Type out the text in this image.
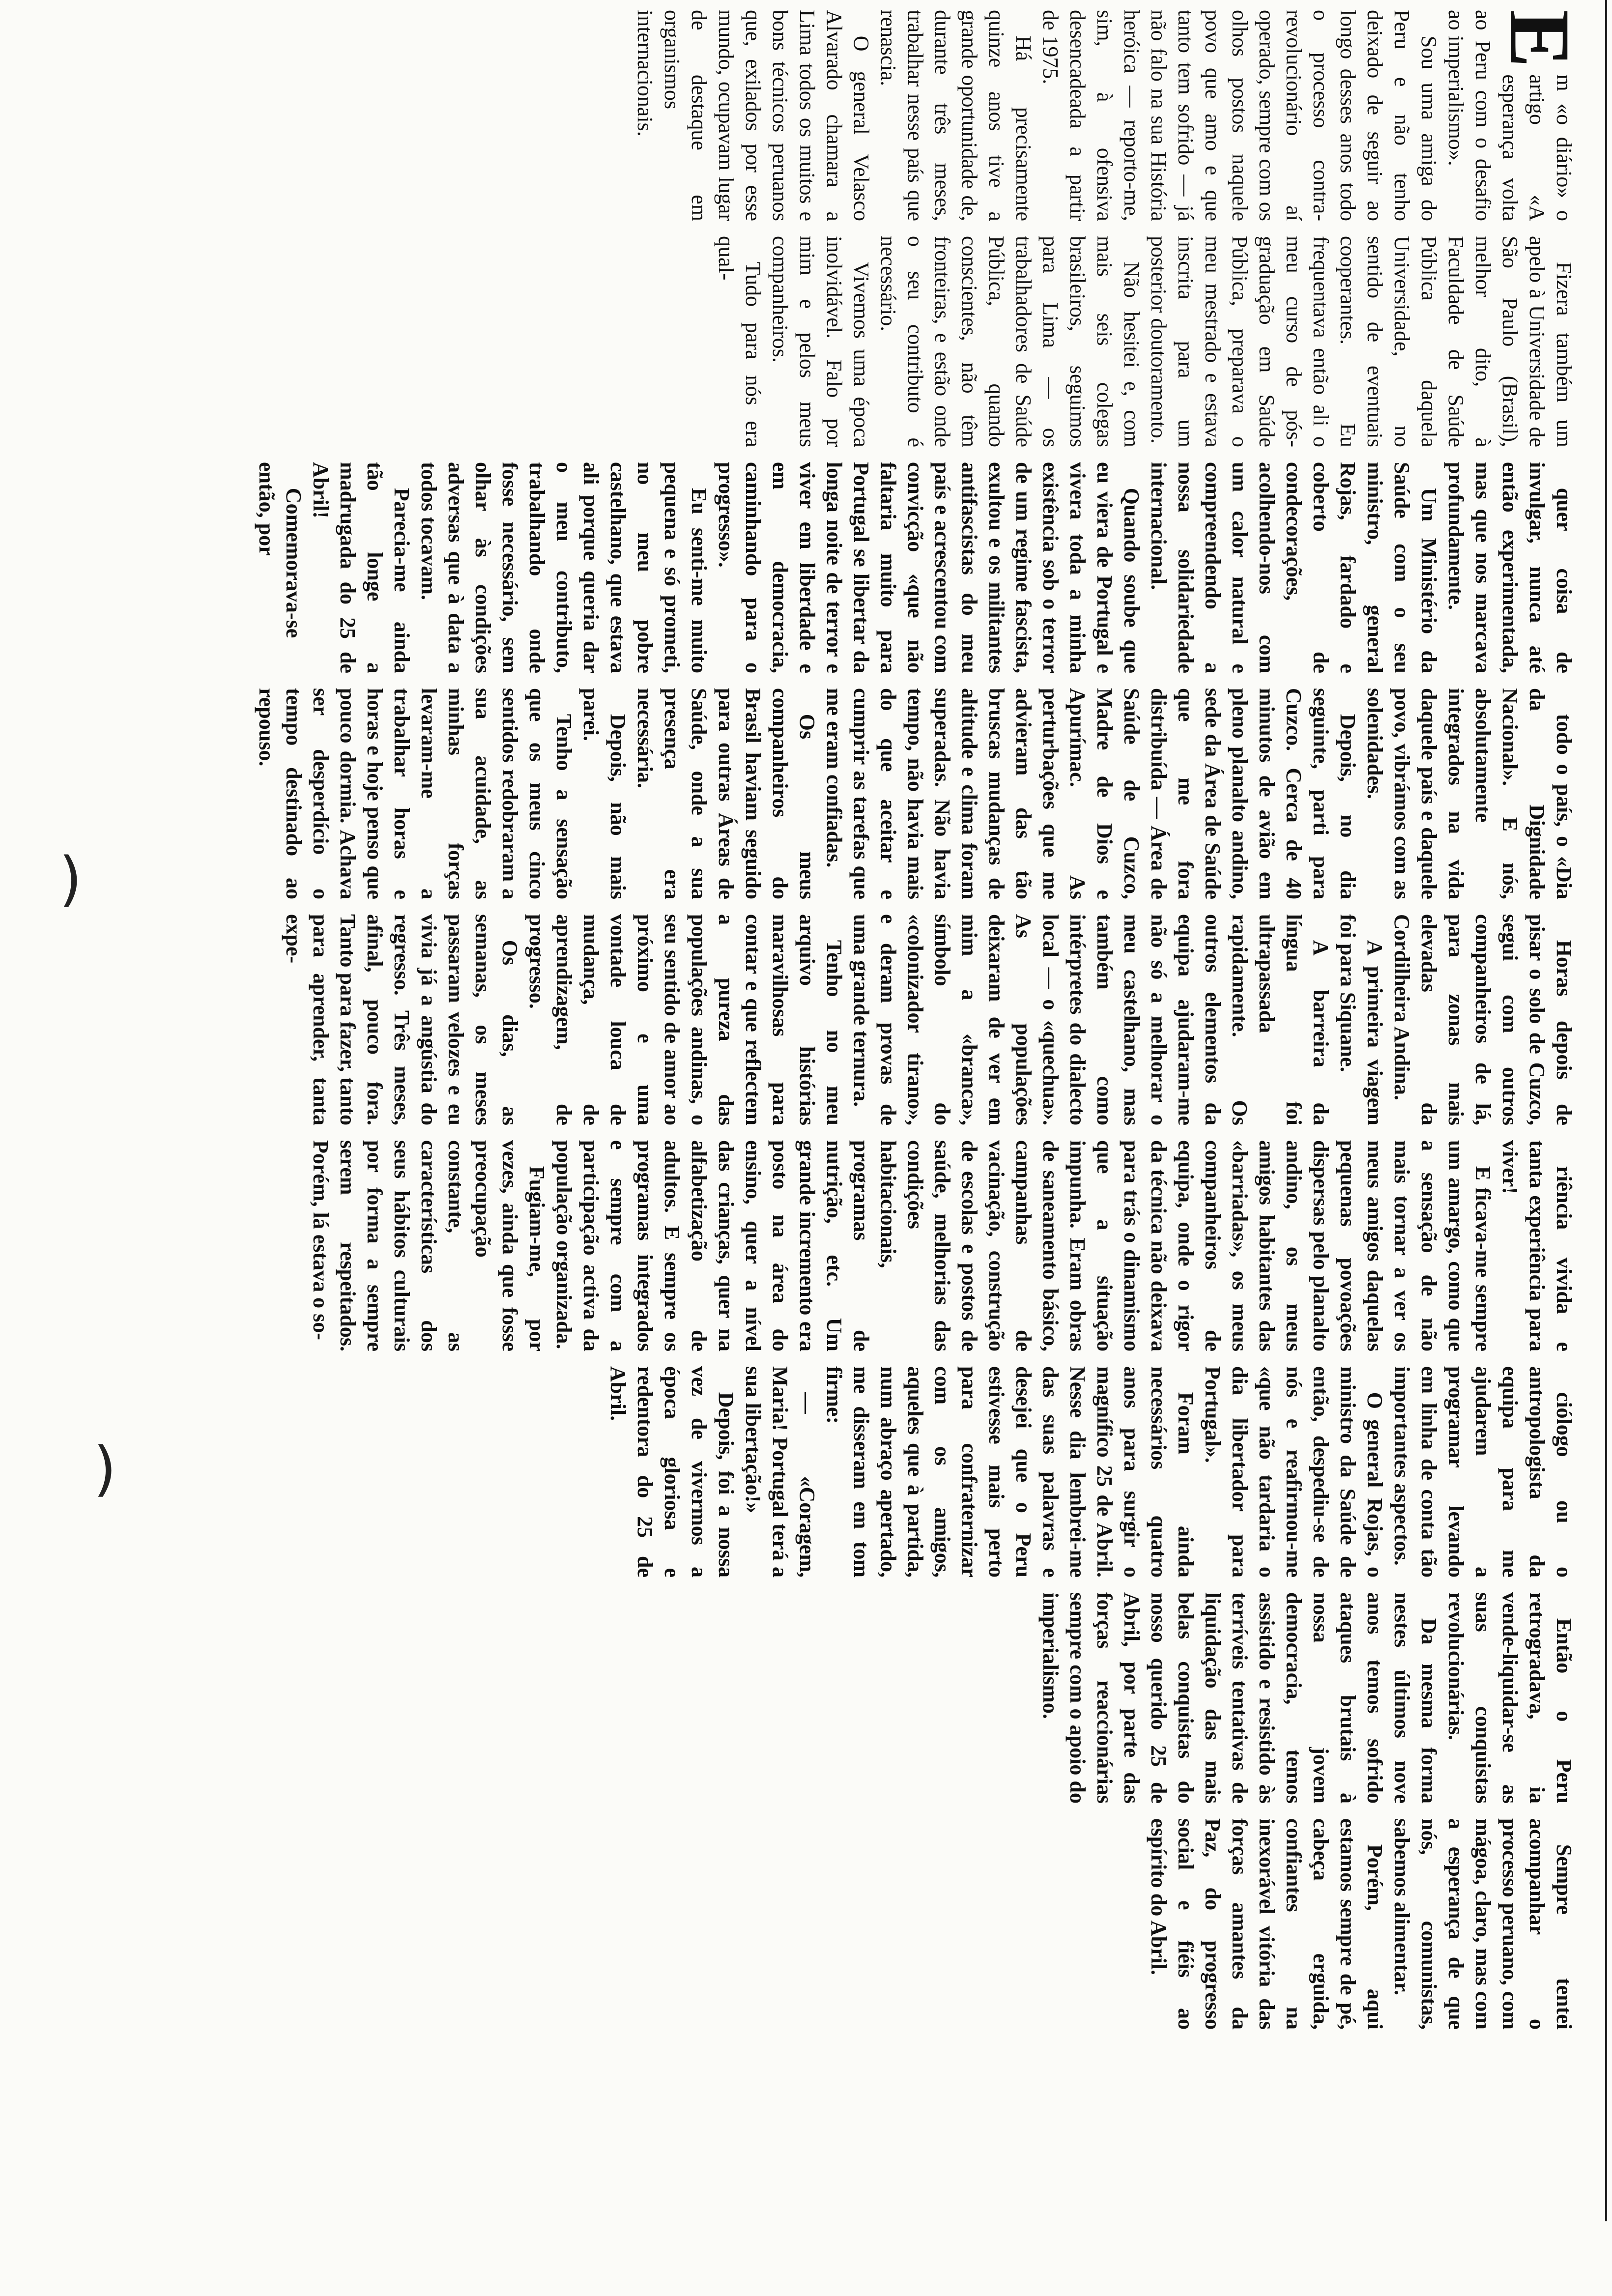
E

m «o diário» o artigo «A esperança volta ao Peru com o desafio ao imperialismo».

Sou uma amiga do Peru e não tenho deixado de seguir ao longo desses anos todo o processo contra-revolucionário aí operado, sempre com os olhos postos naquele povo que amo e que tanto tem sofrido — já não falo na sua História heróica — reporto-me, sim, à ofensiva desencadeada a partir de 1975.

Há precisamente quinze anos tive a grande oportunidade de, durante três meses, trabalhar nesse país que renascia.

O general Velasco Alvarado chamara a Lima todos os muitos e bons técnicos peruanos que, exilados por esse mundo, ocupavam lugar de destaque em organismos internacionais.

Fizera também um apelo à Universidade de São Paulo (Brasil), melhor dito, à Faculdade de Saúde Pública daquela Universidade, no sentido de eventuais cooperantes. Eu frequentava então ali o meu curso de pós-graduação em Saúde Pública, preparava o meu mestrado e estava inscrita para um posterior doutoramento.

Não hesitei e, com mais seis colegas brasileiros, seguimos para Lima — os trabalhadores de Saúde Pública, quando conscientes, não têm fronteiras, e estão onde o seu contributo é necessário.

Vivemos uma época inolvidável. Falo por mim e pelos meus companheiros.

Tudo para nós era qual-

quer coisa de invulgar, nunca até então experimentada, mas que nos marcava profundamente.

Um Ministério da Saúde com o seu ministro, general Rojas, fardado e coberto de condecorações, acolhendo-nos com um calor natural e compreendendo a nossa solidariedade internacional.

Quando soube que eu viera de Portugal e vivera toda a minha existência sob o terror de um regime fascista, exultou e os militantes antifascistas do meu país e acrescentou com convicção «que não faltaria muito para Portugal se libertar da longa noite de terror e viver em liberdade e em democracia, caminhando para o progresso».

Eu senti-me muito pequena e só prometi, no meu pobre castelhano, que estava ali porque queria dar o meu contributo, trabalhando onde fosse necessário, sem olhar às condições adversas que à data a todos tocavam.

Parecia-me ainda tão longe a madrugada do 25 de Abril!

Comemorava-se então, por

todo o país, o «Dia da Dignidade Nacional». E nós, absolutamente integrados na vida daquele país e daquele povo, vibrámos com as solenidades.

Depois, no dia seguinte, parti para Cuzco. Cerca de 40 minutos de avião em pleno planalto andino, sede da Área de Saúde que me fora distribuída — Área de Saúde de Cuzco, Madre de Dios e Apurímac. As perturbações que me advieram das tão bruscas mudanças de altitude e clima foram superadas. Não havia tempo, não havia mais do que aceitar e cumprir as tarefas que me eram confiadas.

Os meus companheiros do Brasil haviam seguido para outras Áreas de Saúde, onde a sua presença era necessária.

Depois, não mais parei.

Tenho a sensação que os meus cinco sentidos redobraram a sua acuidade, as minhas forças levaram-me a trabalhar horas e horas e hoje penso que pouco dormia. Achava ser desperdício o tempo destinado ao repouso.

Horas depois de pisar o solo de Cuzco, segui com outros companheiros de lá, para zonas mais elevadas da Cordilheira Andina.

A primeira viagem foi para Siquane.

A barreira da língua foi ultrapassada rapidamente. Os outros elementos da equipa ajudaram-me não só a melhorar o meu castelhano, mas também como intérpretes do dialecto local — o «quechua». As populações deixaram de ver em mim a «branca», símbolo do «colonizador tirano», e deram provas de uma grande ternura.

Tenho no meu arquivo histórias maravilhosas para contar e que reflectem a pureza das populações andinas, o seu sentido de amor ao próximo e uma vontade louca de mudança, de aprendizagem, de progresso.

Os dias, as semanas, os meses passaram velozes e eu vivia já a angústia do regresso. Três meses, afinal, pouco fora. Tanto para fazer, tanto para aprender, tanta expe-

riência vivida e tanta experiência para viver!

E ficava-me sempre um amargo, como que a sensação de não mais tornar a ver os meus amigos daquelas pequenas povoações dispersas pelo planalto andino, os meus amigos habitantes das «barriadas», os meus companheiros de equipa, onde o rigor da técnica não deixava para trás o dinamismo que a situação impunha. Eram obras de saneamento básico, campanhas de vacinação, construção de escolas e postos de saúde, melhorias das condições habitacionais, programas de nutrição, etc. Um grande incremento era posto na área do ensino, quer a nível das crianças, quer na alfabetização de adultos. E sempre os programas integrados e sempre com a participação activa da população organizada.

Fugiam-me, por vezes, ainda que fosse preocupação constante, as características dos seus hábitos culturais por forma a sempre serem respeitados. Porém, lá estava o so-

ciólogo ou o antropologista da equipa para me ajudarem a programar levando em linha de conta tão importantes aspectos.

O general Rojas, o ministro da Saúde de então, despediu-se de nós e reafirmou-me «que não tardaria o dia libertador para Portugal».

Foram ainda necessários quatro anos para surgir o magnífico 25 de Abril. Nesse dia lembrei-me das suas palavras e desejei que o Peru estivesse mais perto para confraternizar com os amigos, aqueles que à partida, num abraço apertado, me disseram em tom firme:

— «Coragem, Maria! Portugal terá a sua libertação!»

Depois, foi a nossa vez de vivermos a época gloriosa e redentora do 25 de Abril.

Então o Peru retrogradava, ia vende-liquidar-se as suas conquistas revolucionárias.

Da mesma forma nestes últimos nove anos temos sofrido ataques brutais à nossa jovem democracia, temos assistido e resistido às terríveis tentativas de liquidação das mais belas conquistas do nosso querido 25 de Abril, por parte das forças reaccionárias sempre com o apoio do imperialismo.

Sempre tentei acompanhar o processo peruano, com mágoa, claro, mas com a esperança de que nós, comunistas, sabemos alimentar.

Porém, aqui estamos sempre de pé, cabeça erguida, confiantes na inexorável vitória das forças amantes da Paz, do progresso social e fiéis ao espírito do Abril.

)
)
